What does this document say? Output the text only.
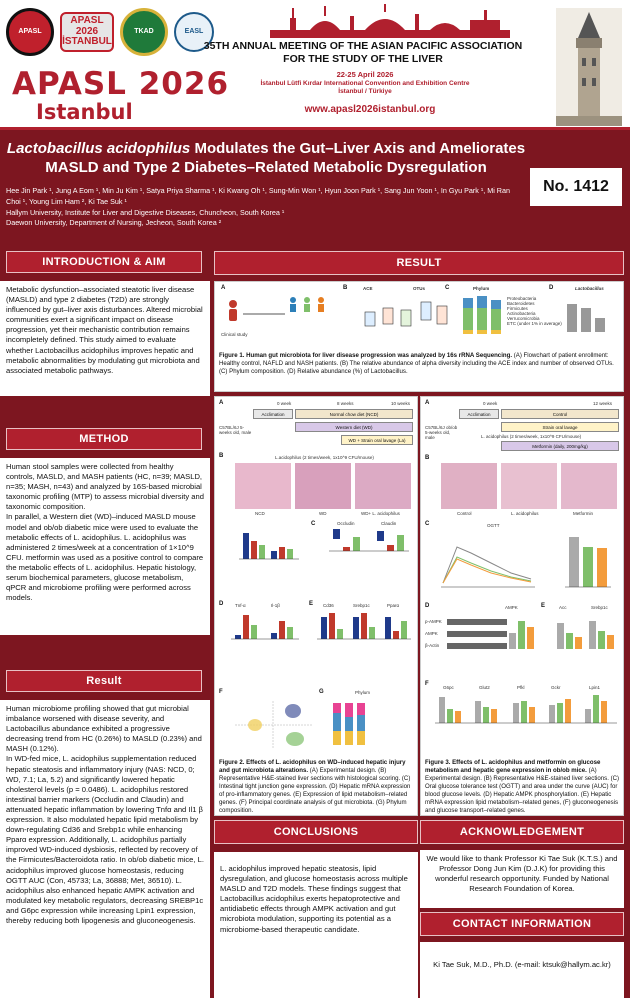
APASL
APASL 2026 İSTANBUL
TKAD	EASL
APASL 2026
Istanbul
35TH ANNUAL MEETING OF THE ASIAN PACIFIC ASSOCIATION
FOR THE STUDY OF THE LIVER
22-25 April 2026
İstanbul Lütfi Kırdar International Convention and Exhibition Centre
İstanbul / Türkiye
www.apasl2026istanbul.org
Lactobacillus acidophilus Modulates the Gut–Liver Axis and Ameliorates
MASLD and Type 2 Diabetes–Related Metabolic Dysregulation
Hee Jin Park ¹, Jung A Eom ¹, Min Ju Kim ¹, Satya Priya Sharma ¹, Ki Kwang Oh ¹, Sung-Min Won ¹, Hyun Joon Park ¹, Sang Jun Yoon ¹, In Gyu Park ¹, Mi Ran Choi ¹, Young Lim Ham ², Ki Tae Suk ¹
Hallym University, Institute for Liver and Digestive Diseases, Chuncheon, South Korea ¹
Daewon University, Department of Nursing, Jecheon, South Korea ²
No. 1412
INTRODUCTION & AIM

Metabolic dysfunction–associated steatotic liver disease (MASLD) and type 2 diabetes (T2D) are strongly influenced by gut–liver axis disturbances. Altered microbial communities exert a significant impact on disease progression, yet their mechanistic contribution remains incompletely defined. This study aimed to evaluate whether Lactobacillus acidophilus improves hepatic and metabolic abnormalities by modulating gut microbiota and associated metabolic pathways.

METHOD

Human stool samples were collected from healthy controls, MASLD, and MASH patients (HC, n=39; MASLD, n=35; MASH, n=43) and analyzed by 16S-based microbial taxonomic profiling (MTP) to assess microbial diversity and taxonomic composition.

In parallel, a Western diet (WD)–induced MASLD mouse model and ob/ob diabetic mice were used to evaluate the metabolic effects of L. acidophilus. L. acidophilus was administered 2 times/week at a concentration of 1×10^9 CFU. metformin was used as a positive control to compare the metabolic effects of L. acidophilus. Hepatic histology, serum biochemical parameters, glucose metabolism, qPCR and microbiome profiling were performed across models.

Result

Human microbiome profiling showed that gut microbial imbalance worsened with disease severity, and Lactobacillus abundance exhibited a progressive decreasing trend from HC (0.26%) to MASLD (0.23%) and MASH (0.12%).

In WD-fed mice, L. acidophilus supplementation reduced hepatic steatosis and inflammatory injury (NAS: NCD, 0; WD, 7.1; La, 5.2) and significantly lowered hepatic cholesterol levels (p = 0.0486). L. acidophilus restored intestinal barrier markers (Occludin and Claudin) and attenuated hepatic inflammation by lowering Tnfα and Il1 β expression. It also modulated hepatic lipid metabolism by down-regulating Cd36 and Srebp1c while enhancing Pparα expression. Additionally, L. acidophilus partially improved WD-induced dysbiosis, reflected by recovery of the Firmicutes/Bacteroidota ratio. In ob/ob diabetic mice, L. acidophilus improved glucose homeostasis, reducing OGTT AUC (Con, 45733; La, 36888; Met, 36510). L. acidophilus also enhanced hepatic AMPK activation and modulated key metabolic regulators, decreasing SREBP1c and G6pc expression while increasing Lpin1 expression, thereby reducing both lipogenesis and gluconeogenesis.

RESULT
A	B	C	D
Clinical study
ACE	OTUs	Phylum	Lactobacillus
Proteobacteria
Bacteroidetes
Firmicutes
Actinobacteria
Verrucomicrobia
ETC (under 1% in average)
Figure 1. Human gut microbiota for liver disease progression was analyzed by 16s rRNA Sequencing. (A) Flowchart of patient enrollment: Healthy control, NAFLD and NASH patients. (B) The relative abundance of alpha diversity including the ACE index and number of observed OTUs. (C) Phylum composition. (D) Relative abundance (%) of Lactobacillus.
A	0 week	8 weeks	10 weeks
Acclimation	Normal chow diet (NCD)
Western diet (WD)
WD + Strain oral lavage (La)
C57BL/6J 5-weeks old, male
B	L.acidophilus (2 times/week, 1x10^9 CFU/mouse)
NCD	WD	WD+ L. acidophilus
C	Occludin	Claudin
D	Tnf-α	Il-1β	E Cd36	Srebp1c	Pparα
F	G	Phylum
Figure 2. Effects of L. acidophilus on WD–induced hepatic injury and gut microbiota alterations. (A) Experimental design. (B) Representative H&E-stained liver sections with histological scoring. (C) Intestinal tight junction gene expression. (D) Hepatic mRNA expression of pro-inflammatory genes. (E) Expression of lipid metabolism–related genes. (F) Principal coordinate analysis of gut microbiota. (G) Phylum composition.
A	0 week	12 weeks
Acclimation	Control
Strain oral lavage
Metformin (daily, 200mg/kg)
C57BL/6J ob/ob 5-weeks old, male	L. acidophilus (2 times/week, 1x10^9 CFU/mouse)
B
Control	L. acidophilus	Metformin
C	OGTT
D	AMPK
p-AMPK
AMPK
β-Actin
E	Acc	Srebp1c
F
G6pc	Glut2	Pfkl	Gckr	Lpin1
Figure 3. Effects of L. acidophilus and metformin on glucose metabolism and hepatic gene expression in ob/ob mice. (A) Experimental design. (B) Representative H&E-stained liver sections. (C) Oral glucose tolerance test (OGTT) and area under the curve (AUC) for blood glucose levels. (D) Hepatic AMPK phosphorylation. (E) Hepatic mRNA expression lipid metabolism–related genes, (F) gluconeogenesis and glucose transport–related genes.
CONCLUSIONS

L. acidophilus improved hepatic steatosis, lipid dysregulation, and glucose homeostasis across multiple MASLD and T2D models. These findings suggest that Lactobacillus acidophilus exerts hepatoprotective and antidiabetic effects through AMPK activation and gut microbiota modulation, supporting its potential as a microbiome-based therapeutic candidate.

ACKNOWLEDGEMENT

We would like to thank Professor Ki Tae Suk (K.T.S.) and Professor Dong Jun Kim (D.J.K) for providing this wonderful research opportunity. Funded by National Research Foundation of Korea.

CONTACT INFORMATION

Ki Tae Suk, M.D., Ph.D. (e-mail: ktsuk@hallym.ac.kr)
